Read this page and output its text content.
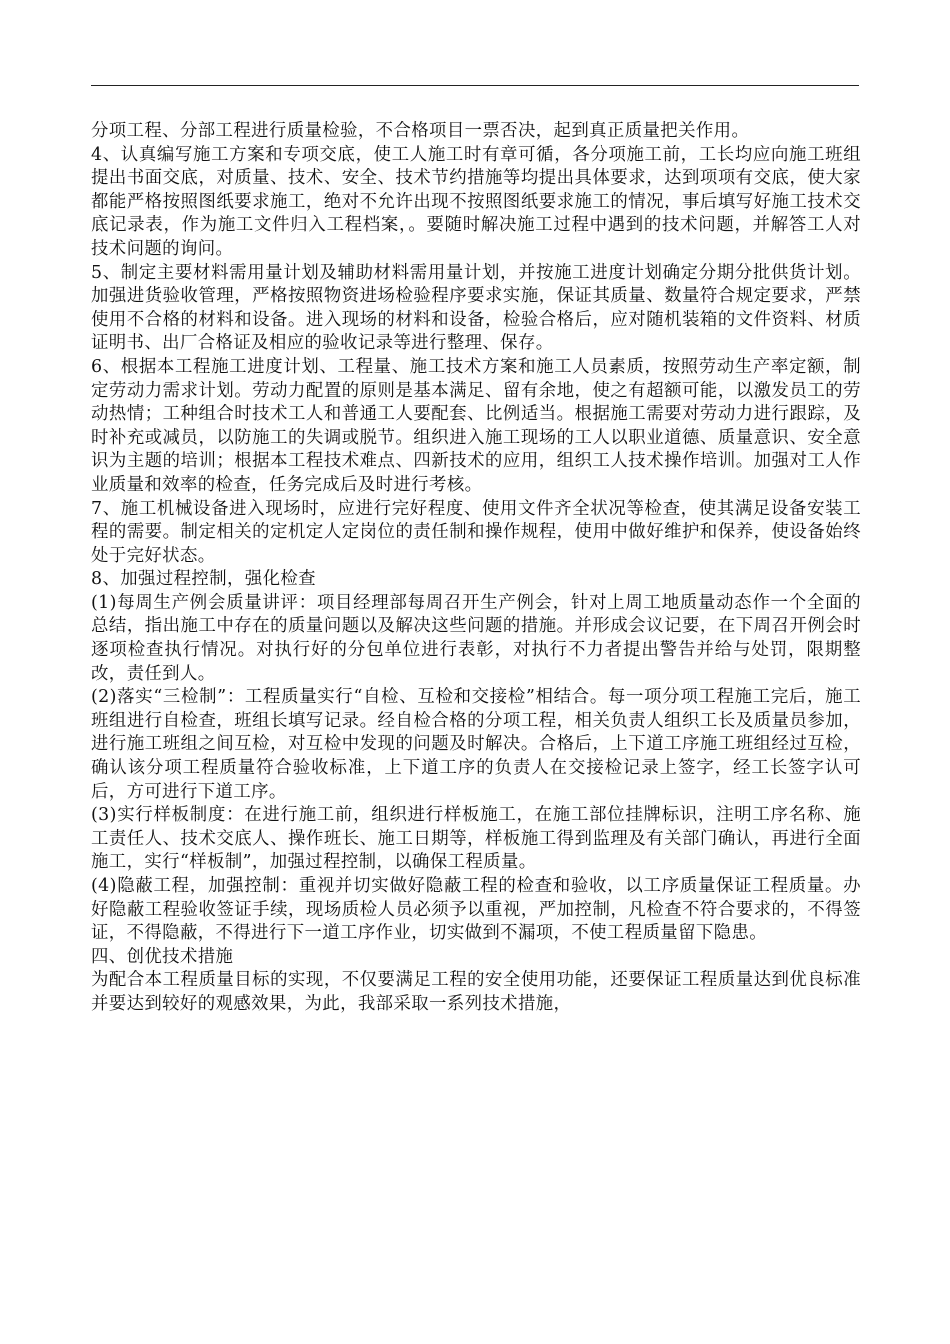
分项工程、分部工程进行质量检验，不合格项目一票否决，起到真正质量把关作用。

4、认真编写施工方案和专项交底，使工人施工时有章可循，各分项施工前，工长均应向施工班组提出书面交底，对质量、技术、安全、技术节约措施等均提出具体要求，达到项项有交底，使大家都能严格按照图纸要求施工，绝对不允许出现不按照图纸要求施工的情况，事后填写好施工技术交底记录表，作为施工文件归入工程档案，。要随时解决施工过程中遇到的技术问题，并解答工人对技术问题的询问。

5、制定主要材料需用量计划及辅助材料需用量计划，并按施工进度计划确定分期分批供货计划。加强进货验收管理，严格按照物资进场检验程序要求实施，保证其质量、数量符合规定要求，严禁使用不合格的材料和设备。进入现场的材料和设备，检验合格后，应对随机装箱的文件资料、材质证明书、出厂合格证及相应的验收记录等进行整理、保存。

6、根据本工程施工进度计划、工程量、施工技术方案和施工人员素质，按照劳动生产率定额，制定劳动力需求计划。劳动力配置的原则是基本满足、留有余地，使之有超额可能，以激发员工的劳动热情；工种组合时技术工人和普通工人要配套、比例适当。根据施工需要对劳动力进行跟踪，及时补充或减员，以防施工的失调或脱节。组织进入施工现场的工人以职业道德、质量意识、安全意识为主题的培训；根据本工程技术难点、四新技术的应用，组织工人技术操作培训。加强对工人作业质量和效率的检查，任务完成后及时进行考核。

7、施工机械设备进入现场时，应进行完好程度、使用文件齐全状况等检查，使其满足设备安装工程的需要。制定相关的定机定人定岗位的责任制和操作规程，使用中做好维护和保养，使设备始终处于完好状态。

8、加强过程控制，强化检查

(1)每周生产例会质量讲评：项目经理部每周召开生产例会，针对上周工地质量动态作一个全面的总结，指出施工中存在的质量问题以及解决这些问题的措施。并形成会议记要，在下周召开例会时逐项检查执行情况。对执行好的分包单位进行表彰，对执行不力者提出警告并给与处罚，限期整改，责任到人。

(2)落实“三检制”：工程质量实行“自检、互检和交接检”相结合。每一项分项工程施工完后，施工班组进行自检查，班组长填写记录。经自检合格的分项工程，相关负责人组织工长及质量员参加，进行施工班组之间互检，对互检中发现的问题及时解决。合格后，上下道工序施工班组经过互检，确认该分项工程质量符合验收标准，上下道工序的负责人在交接检记录上签字，经工长签字认可后，方可进行下道工序。

(3)实行样板制度：在进行施工前，组织进行样板施工，在施工部位挂牌标识，注明工序名称、施工责任人、技术交底人、操作班长、施工日期等，样板施工得到监理及有关部门确认，再进行全面施工，实行“样板制”，加强过程控制，以确保工程质量。

(4)隐蔽工程，加强控制：重视并切实做好隐蔽工程的检查和验收，以工序质量保证工程质量。办好隐蔽工程验收签证手续，现场质检人员必须予以重视，严加控制，凡检查不符合要求的，不得签证，不得隐蔽，不得进行下一道工序作业，切实做到不漏项，不使工程质量留下隐患。

四、创优技术措施

为配合本工程质量目标的实现，不仅要满足工程的安全使用功能，还要保证工程质量达到优良标准并要达到较好的观感效果，为此，我部采取一系列技术措施，
